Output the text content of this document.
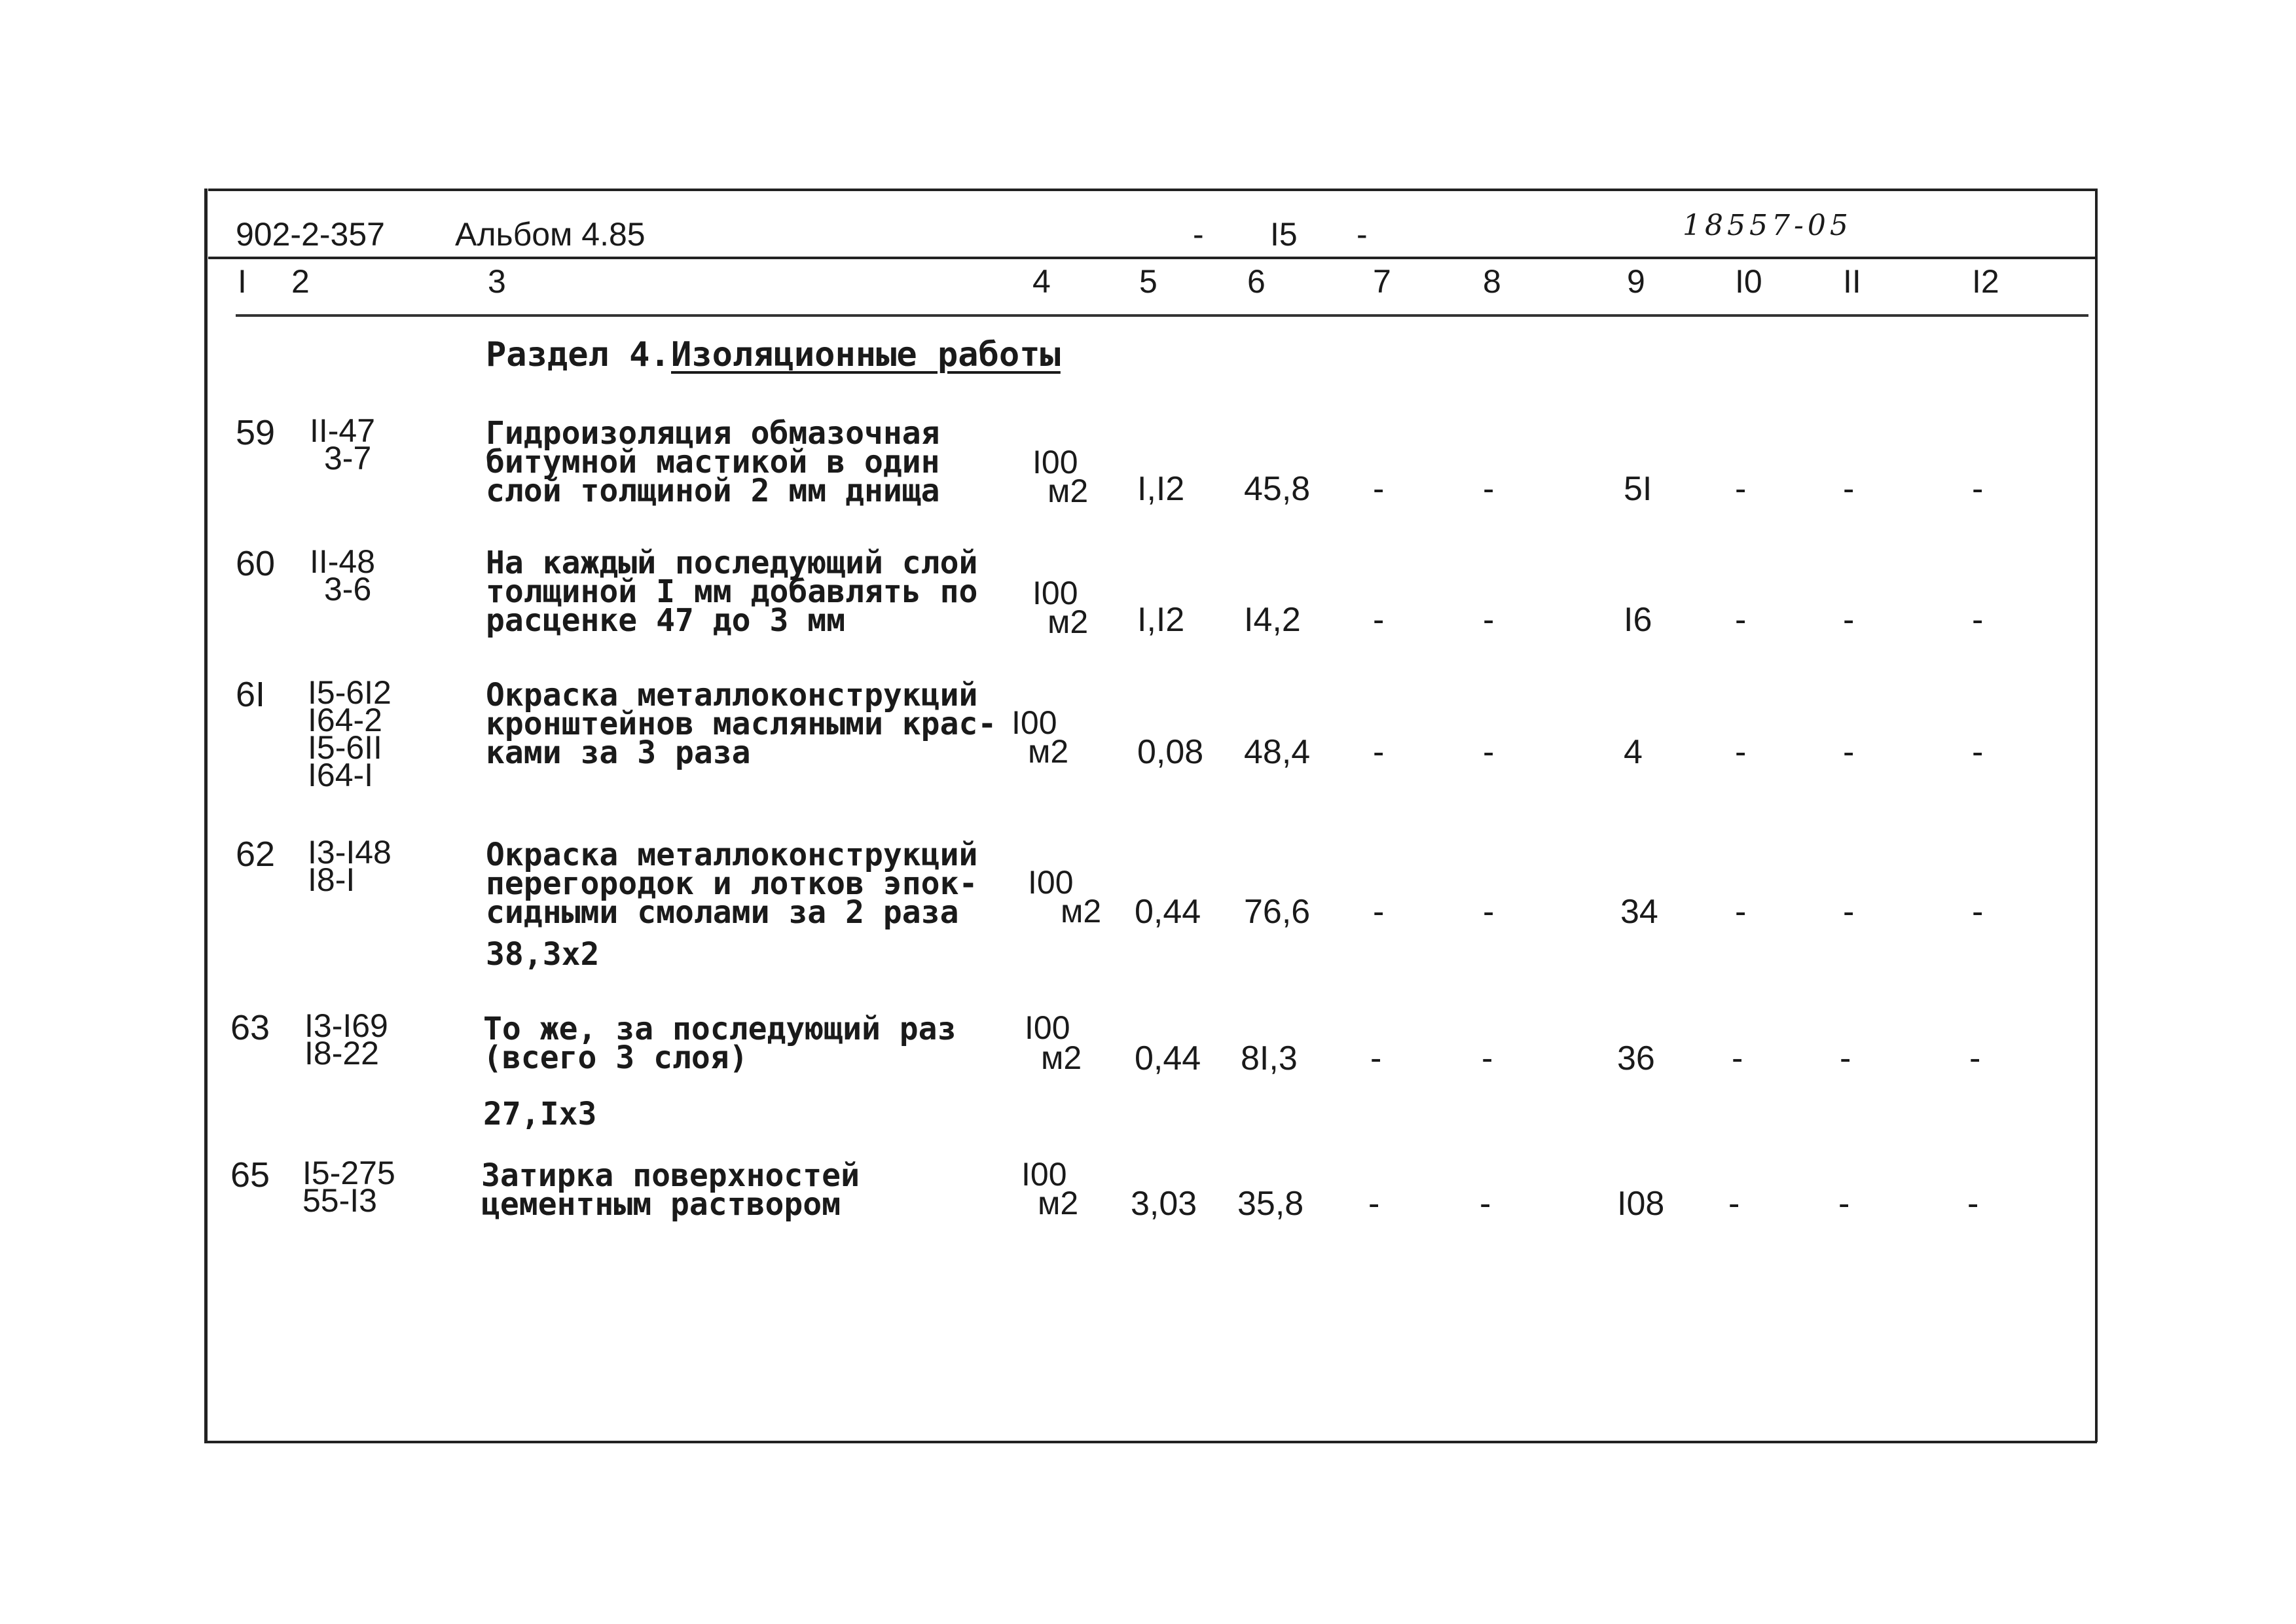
902-2-357 Альбом 4.85	- I5 -	18557-05
I 2	3	4	5	6	7	8	9	I0 II	I2
Раздел 4. Изоляционные работы
59 II-47
3-7
Гидроизоляция обмазочная
битумной мастикой в один
слой толщиной 2 мм днища
I00
м2 I,I2 45,8 -	-	5I -	-	-
60 II-48
3-6
На каждый последующий слой
толщиной I мм добавлять по
расценке 47 до 3 мм
I00
м2 I,I2 I4,2 -	-	I6 -	-	-
6I I5-6I2
I64-2
I5-6II
I64-I
Окраска металлоконструкций
кронштейнов масляными крас-
ками за 3 раза
I00
м2 0,08 48,4 -	-	4	-	-	-
62 I3-I48
I8-I
Окраска металлоконструкций
перегородок и лотков эпок-
сидными смолами за 2 раза
38,3х2
I00
м2 0,44 76,6 -	-	34 -	-	-
63 I3-I69
I8-22
То же, за последующий раз
(всего 3 слоя)
27,Iх3
I00
м2 0,44 8I,3 -	-	36 -	-	-
65 I5-275
55-I3
Затирка поверхностей
цементным раствором
I00
м2 3,03 35,8 -	-	I08 -	-	-
